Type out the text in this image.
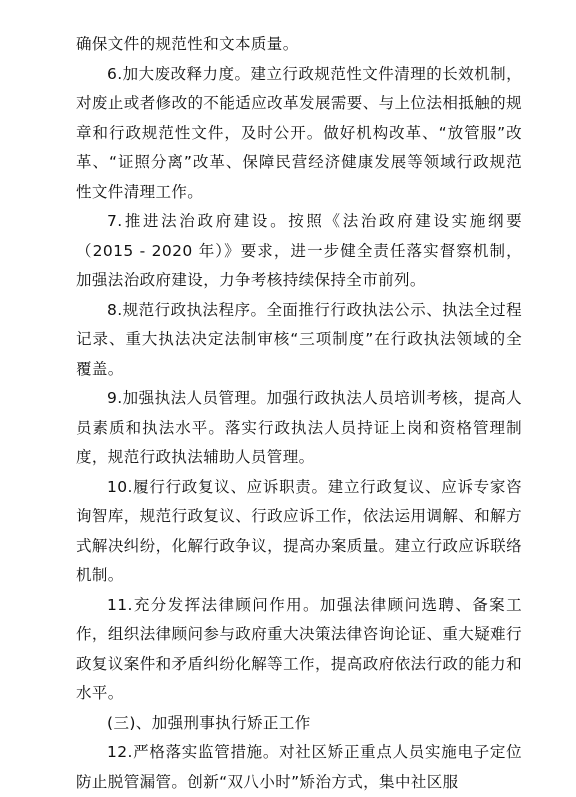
确保文件的规范性和文本质量。

6.加大废改释力度。建立行政规范性文件清理的长效机制，对废止或者修改的不能适应改革发展需要、与上位法相抵触的规章和行政规范性文件，及时公开。做好机构改革、“放管服”改革、“证照分离”改革、保障民营经济健康发展等领域行政规范性文件清理工作。

7.推进法治政府建设。按照《法治政府建设实施纲要（2015 - 2020 年）》要求，进一步健全责任落实督察机制，加强法治政府建设，力争考核持续保持全市前列。

8.规范行政执法程序。全面推行行政执法公示、执法全过程记录、重大执法决定法制审核“三项制度”在行政执法领域的全覆盖。

9.加强执法人员管理。加强行政执法人员培训考核，提高人员素质和执法水平。落实行政执法人员持证上岗和资格管理制度，规范行政执法辅助人员管理。

10.履行行政复议、应诉职责。建立行政复议、应诉专家咨询智库，规范行政复议、行政应诉工作，依法运用调解、和解方式解决纠纷，化解行政争议，提高办案质量。建立行政应诉联络机制。

11.充分发挥法律顾问作用。加强法律顾问选聘、备案工作，组织法律顾问参与政府重大决策法律咨询论证、重大疑难行政复议案件和矛盾纠纷化解等工作，提高政府依法行政的能力和水平。

(三)、加强刑事执行矫正工作

12.严格落实监管措施。对社区矫正重点人员实施电子定位防止脱管漏管。创新“双八小时”矫治方式，集中社区服
